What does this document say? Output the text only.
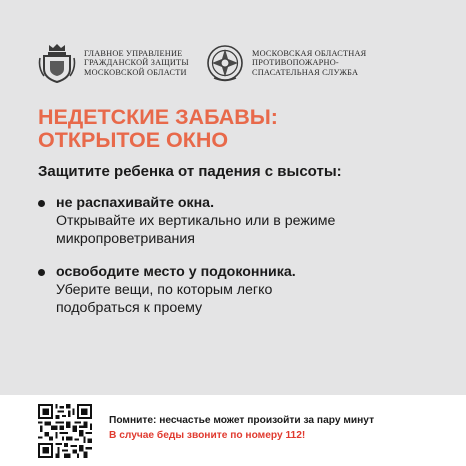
ГЛАВНОЕ УПРАВЛЕНИЕ
ГРАЖДАНСКОЙ ЗАЩИТЫ
МОСКОВСКОЙ ОБЛАСТИ
МОСКОВСКАЯ ОБЛАСТНАЯ
ПРОТИВОПОЖАРНО-
СПАСАТЕЛЬНАЯ СЛУЖБА
НЕДЕТСКИЕ ЗАБАВЫ:
ОТКРЫТОЕ ОКНО
Защитите ребенка от падения с высоты:
не распахивайте окна.
Открывайте их вертикально или в режиме
микропроветривания
освободите место у подоконника.
Уберите вещи, по которым легко
подобраться к проему
Помните: несчастье может произойти за пару минут
В случае беды звоните по номеру 112!
